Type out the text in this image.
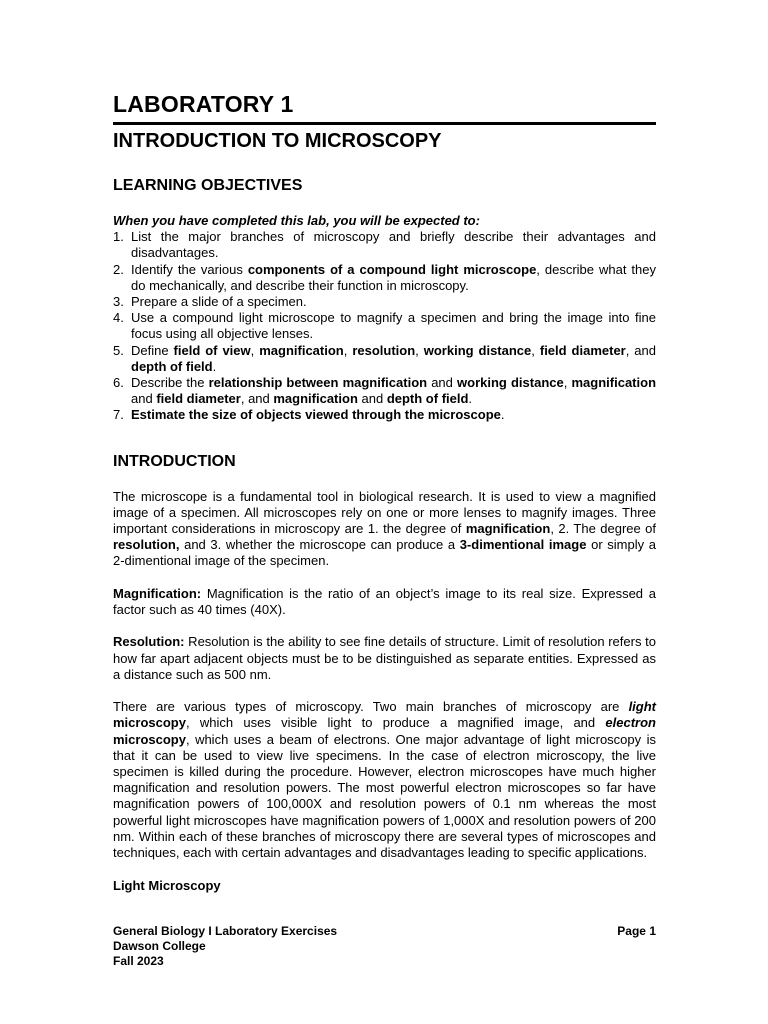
LABORATORY 1
INTRODUCTION TO MICROSCOPY
LEARNING OBJECTIVES

When you have completed this lab, you will be expected to:

1. List the major branches of microscopy and briefly describe their advantages and disadvantages.
2. Identify the various components of a compound light microscope, describe what they do mechanically, and describe their function in microscopy.
3. Prepare a slide of a specimen.
4. Use a compound light microscope to magnify a specimen and bring the image into fine focus using all objective lenses.
5. Define field of view, magnification, resolution, working distance, field diameter, and depth of field.
6. Describe the relationship between magnification and working distance, magnification and field diameter, and magnification and depth of field.
7. Estimate the size of objects viewed through the microscope.
INTRODUCTION

The microscope is a fundamental tool in biological research. It is used to view a magnified image of a specimen. All microscopes rely on one or more lenses to magnify images. Three important considerations in microscopy are 1. the degree of magnification, 2. The degree of resolution, and 3. whether the microscope can produce a 3-dimentional image or simply a 2-dimentional image of the specimen.

Magnification: Magnification is the ratio of an object’s image to its real size. Expressed a factor such as 40 times (40X).

Resolution: Resolution is the ability to see fine details of structure. Limit of resolution refers to how far apart adjacent objects must be to be distinguished as separate entities. Expressed as a distance such as 500 nm.

There are various types of microscopy. Two main branches of microscopy are light microscopy, which uses visible light to produce a magnified image, and electron microscopy, which uses a beam of electrons. One major advantage of light microscopy is that it can be used to view live specimens. In the case of electron microscopy, the live specimen is killed during the procedure. However, electron microscopes have much higher magnification and resolution powers. The most powerful electron microscopes so far have magnification powers of 100,000X and resolution powers of 0.1 nm whereas the most powerful light microscopes have magnification powers of 1,000X and resolution powers of 200 nm. Within each of these branches of microscopy there are several types of microscopes and techniques, each with certain advantages and disadvantages leading to specific applications.

Light Microscopy
General Biology I Laboratory Exercises
Dawson College
Fall 2023
Page 1
